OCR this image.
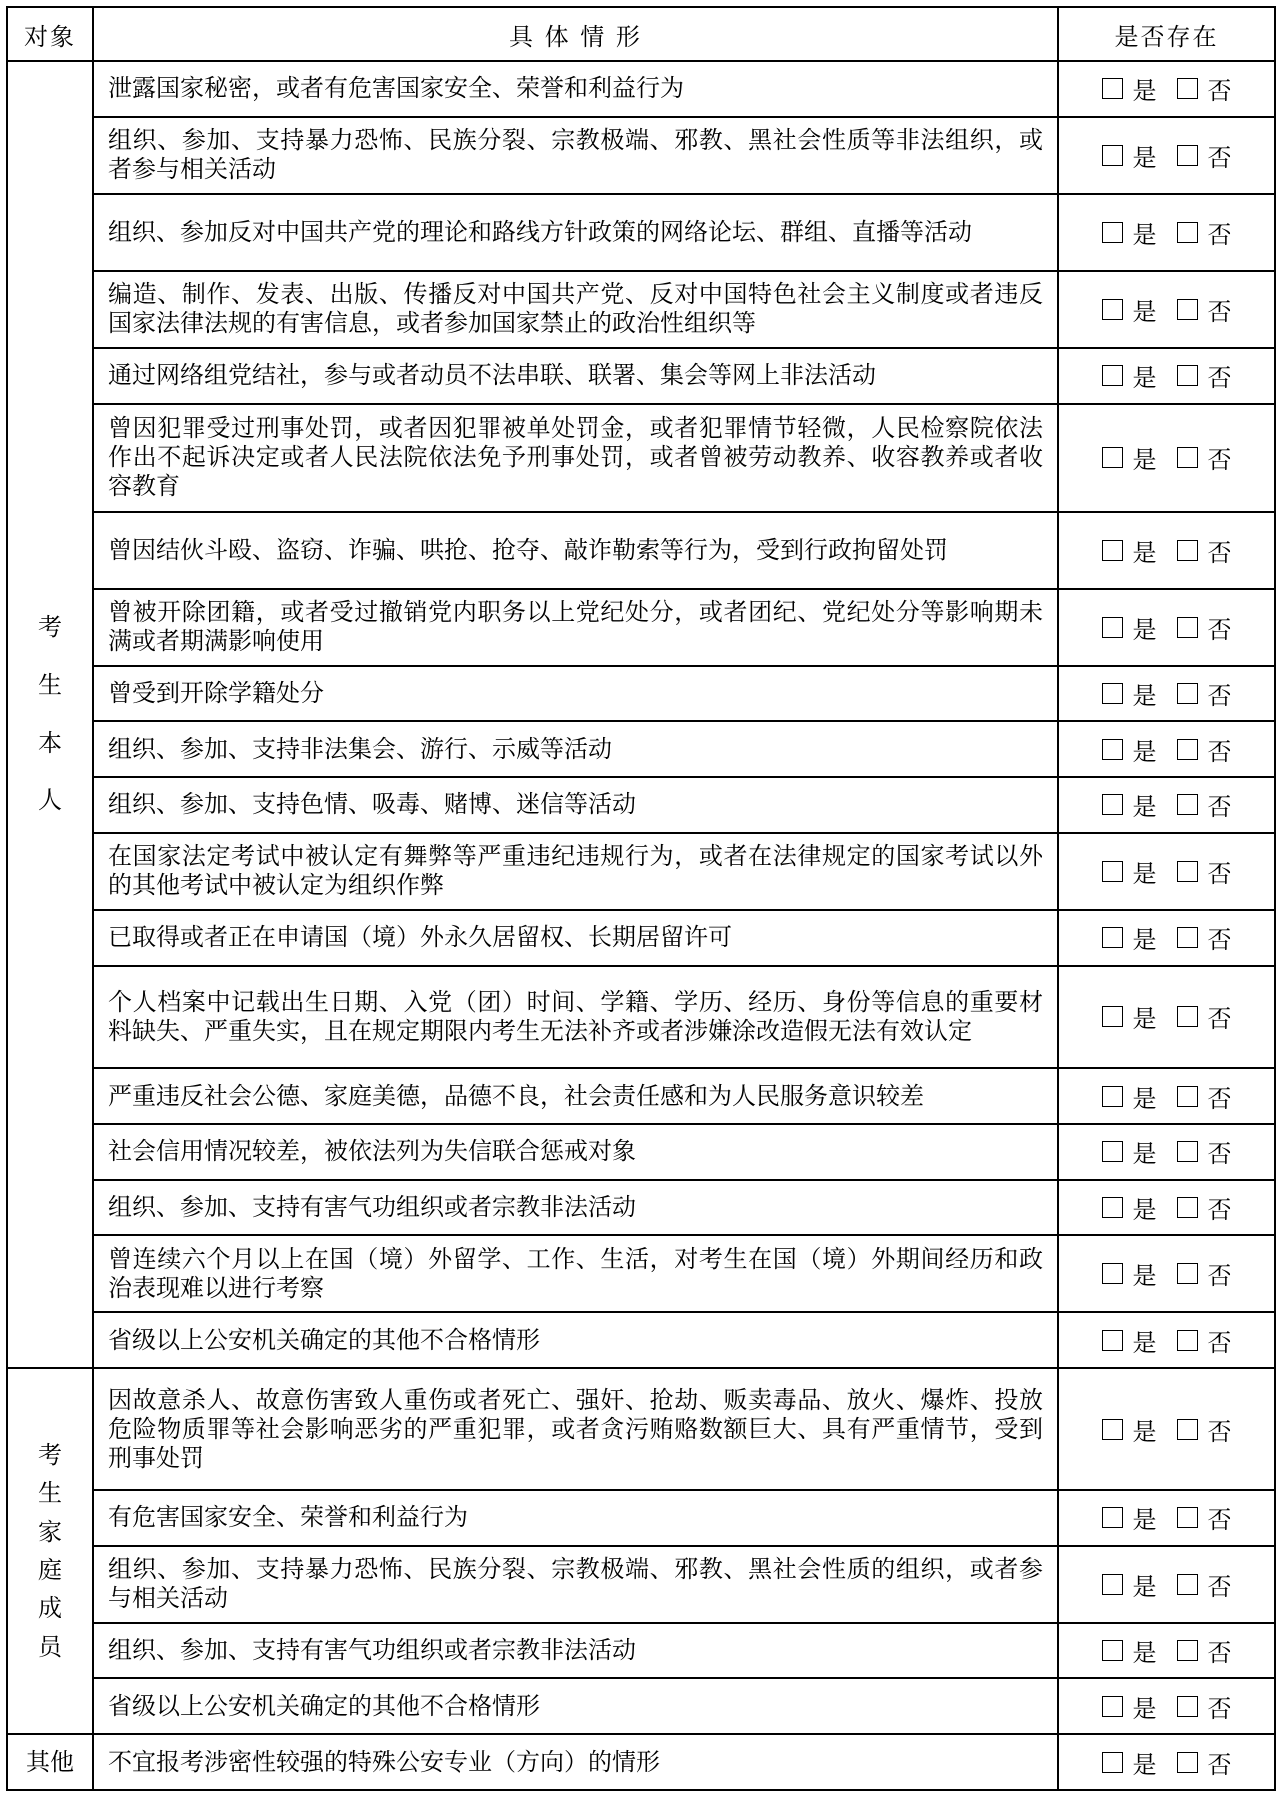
对象	具 体 情 形	是否存在
考生本人	泄露国家秘密，或者有危害国家安全、荣誉和利益行为	是 否

	组织、参加、支持暴力恐怖、民族分裂、宗教极端、邪教、黑社会性质等非法组织，或者参与相关活动	是 否

	组织、参加反对中国共产党的理论和路线方针政策的网络论坛、群组、直播等活动	是 否

	编造、制作、发表、出版、传播反对中国共产党、反对中国特色社会主义制度或者违反国家法律法规的有害信息，或者参加国家禁止的政治性组织等	是 否

	通过网络组党结社，参与或者动员不法串联、联署、集会等网上非法活动	是 否

	曾因犯罪受过刑事处罚，或者因犯罪被单处罚金，或者犯罪情节轻微，人民检察院依法作出不起诉决定或者人民法院依法免予刑事处罚，或者曾被劳动教养、收容教养或者收容教育	是 否

	曾因结伙斗殴、盗窃、诈骗、哄抢、抢夺、敲诈勒索等行为，受到行政拘留处罚	是 否

	曾被开除团籍，或者受过撤销党内职务以上党纪处分，或者团纪、党纪处分等影响期未满或者期满影响使用	是 否

	曾受到开除学籍处分	是 否

	组织、参加、支持非法集会、游行、示威等活动	是 否

	组织、参加、支持色情、吸毒、赌博、迷信等活动	是 否

	在国家法定考试中被认定有舞弊等严重违纪违规行为，或者在法律规定的国家考试以外的其他考试中被认定为组织作弊	是 否

	已取得或者正在申请国（境）外永久居留权、长期居留许可	是 否

	个人档案中记载出生日期、入党（团）时间、学籍、学历、经历、身份等信息的重要材料缺失、严重失实，且在规定期限内考生无法补齐或者涉嫌涂改造假无法有效认定	是 否

	严重违反社会公德、家庭美德，品德不良，社会责任感和为人民服务意识较差	是 否

	社会信用情况较差，被依法列为失信联合惩戒对象	是 否

	组织、参加、支持有害气功组织或者宗教非法活动	是 否

	曾连续六个月以上在国（境）外留学、工作、生活，对考生在国（境）外期间经历和政治表现难以进行考察	是 否

	省级以上公安机关确定的其他不合格情形	是 否

考生家庭成员	因故意杀人、故意伤害致人重伤或者死亡、强奸、抢劫、贩卖毒品、放火、爆炸、投放危险物质罪等社会影响恶劣的严重犯罪，或者贪污贿赂数额巨大、具有严重情节，受到刑事处罚	是 否

	有危害国家安全、荣誉和利益行为	是 否

	组织、参加、支持暴力恐怖、民族分裂、宗教极端、邪教、黑社会性质的组织，或者参与相关活动	是 否

	组织、参加、支持有害气功组织或者宗教非法活动	是 否

	省级以上公安机关确定的其他不合格情形	是 否

其他	不宜报考涉密性较强的特殊公安专业（方向）的情形	是 否
